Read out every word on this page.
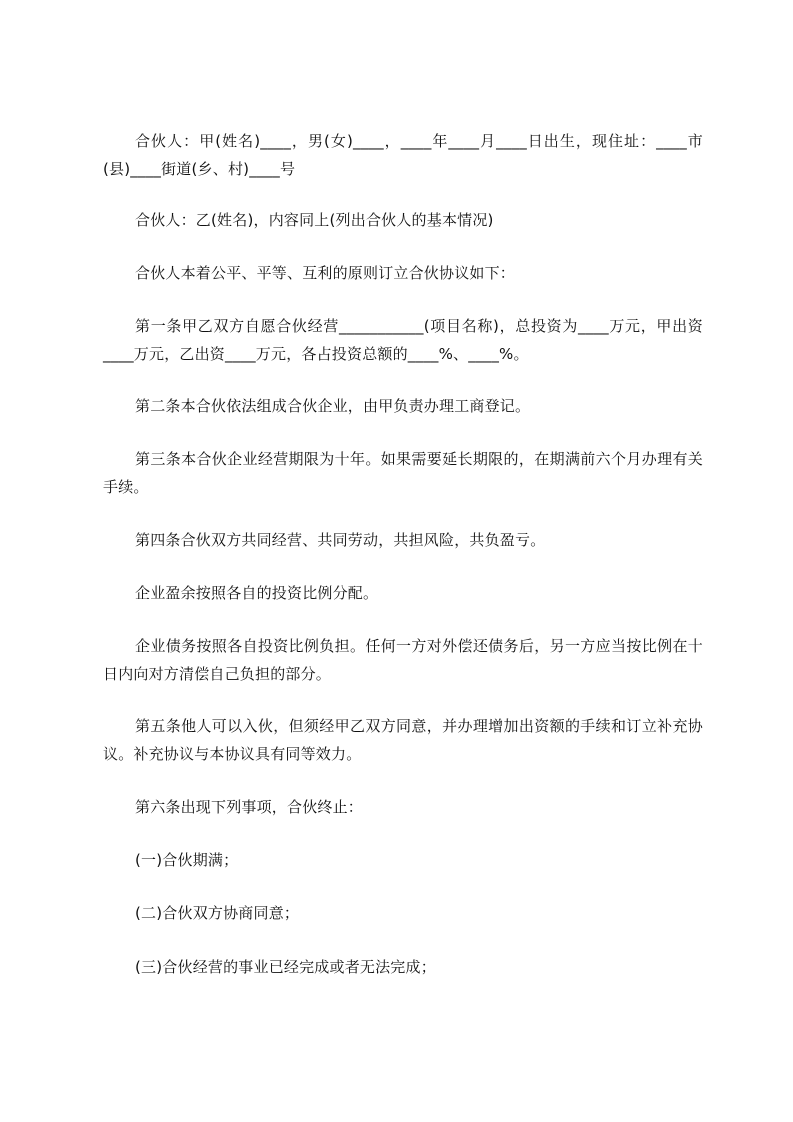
合伙人：甲(姓名)____，男(女)____，____年____月____日出生，现住址：____市(县)____街道(乡、村)____号

合伙人：乙(姓名)，内容同上(列出合伙人的基本情况)

合伙人本着公平、平等、互利的原则订立合伙协议如下：

第一条甲乙双方自愿合伙经营___________(项目名称)，总投资为____万元，甲出资____万元，乙出资____万元，各占投资总额的____%、____%。

第二条本合伙依法组成合伙企业，由甲负责办理工商登记。

第三条本合伙企业经营期限为十年。如果需要延长期限的，在期满前六个月办理有关手续。

第四条合伙双方共同经营、共同劳动，共担风险，共负盈亏。

企业盈余按照各自的投资比例分配。

企业债务按照各自投资比例负担。任何一方对外偿还债务后，另一方应当按比例在十日内向对方清偿自己负担的部分。

第五条他人可以入伙，但须经甲乙双方同意，并办理增加出资额的手续和订立补充协议。补充协议与本协议具有同等效力。

第六条出现下列事项，合伙终止：

(一)合伙期满；

(二)合伙双方协商同意；

(三)合伙经营的事业已经完成或者无法完成；
